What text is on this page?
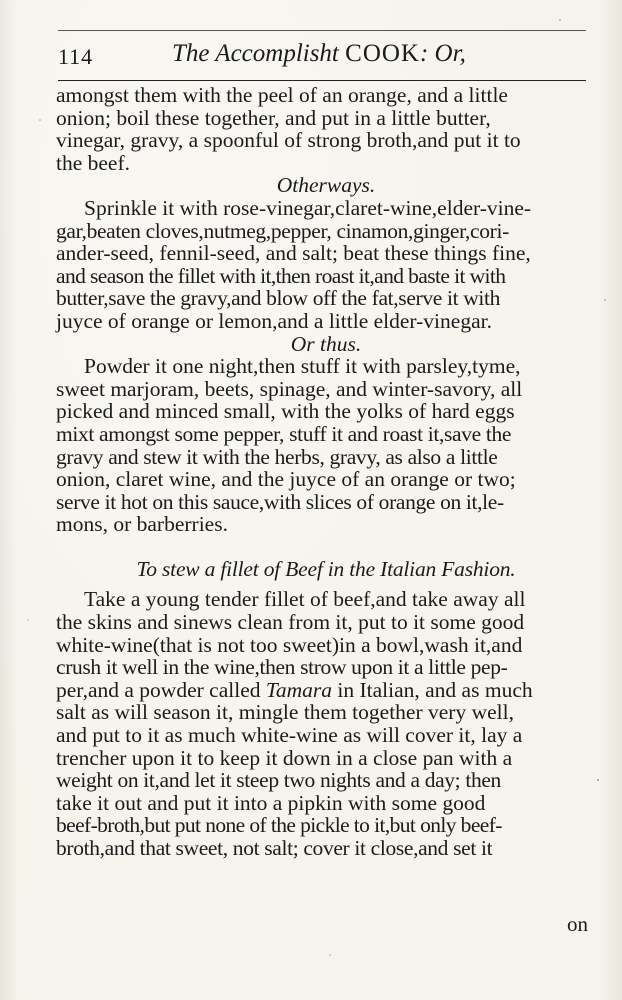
114	The Accomplisht COOK: Or,
amongst them with the peel of an orange, and a little
onion; boil these together, and put in a little butter,
vinegar, gravy, a spoonful of strong broth,and put it to
the beef.
Otherways.
Sprinkle it with rose-vinegar,claret-wine,elder-vine-
gar,beaten cloves,nutmeg,pepper, cinamon,ginger,cori-
ander-seed, fennil-seed, and salt; beat these things fine,
and season the fillet with it,then roast it,and baste it with
butter,save the gravy,and blow off the fat,serve it with
juyce of orange or lemon,and a little elder-vinegar.
Or thus.
Powder it one night,then stuff it with parsley,tyme,
sweet marjoram, beets, spinage, and winter-savory, all
picked and minced small, with the yolks of hard eggs
mixt amongst some pepper, stuff it and roast it,save the
gravy and stew it with the herbs, gravy, as also a little
onion, claret wine, and the juyce of an orange or two;
serve it hot on this sauce,with slices of orange on it,le-
mons, or barberries.
To stew a fillet of Beef in the Italian Fashion.
Take a young tender fillet of beef,and take away all
the skins and sinews clean from it, put to it some good
white-wine(that is not too sweet)in a bowl,wash it,and
crush it well in the wine,then strow upon it a little pep-
per,and a powder called Tamara in Italian, and as much
salt as will season it, mingle them together very well,
and put to it as much white-wine as will cover it, lay a
trencher upon it to keep it down in a close pan with a
weight on it,and let it steep two nights and a day; then
take it out and put it into a pipkin with some good
beef-broth,but put none of the pickle to it,but only beef-
broth,and that sweet, not salt; cover it close,and set it
on
